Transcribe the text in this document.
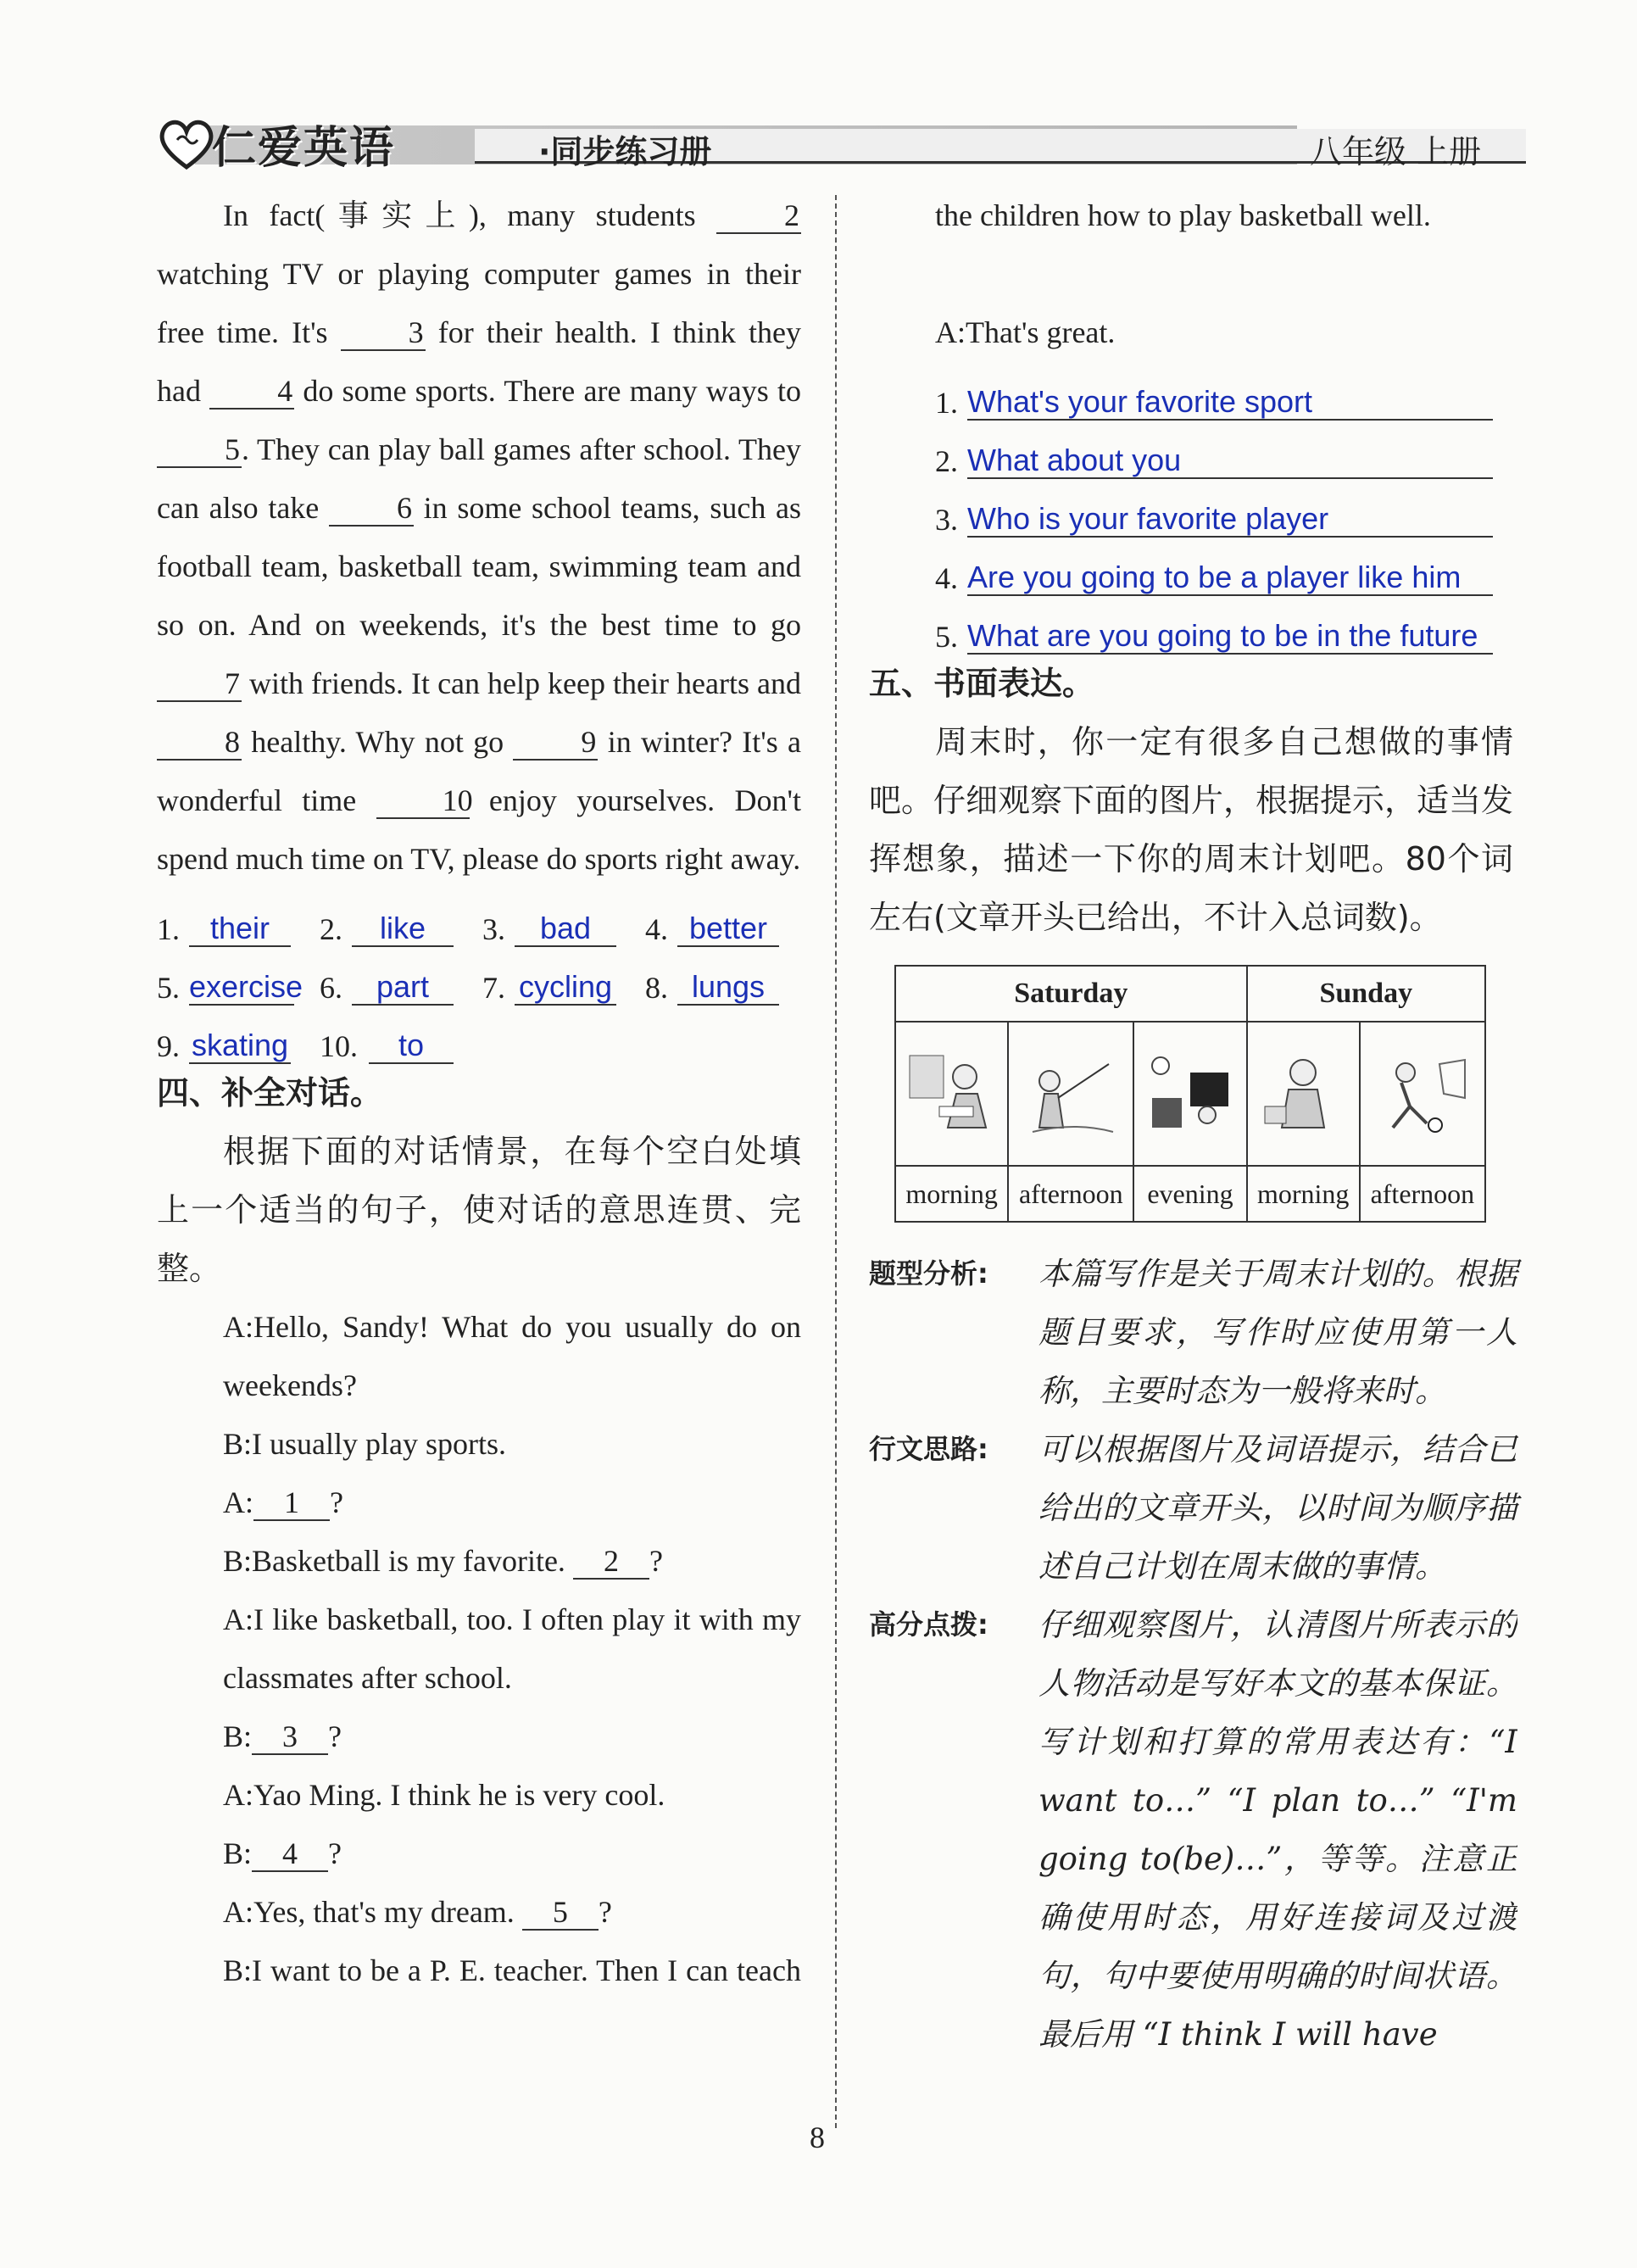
仁爱英语	·同步练习册	八年级 上册

In fact(事实上), many students 2 watching TV or playing computer games in their free time. It's 3 for their health. I think they had 4 do some sports. There are many ways to 5. They can play ball games after school. They can also take 6 in some school teams, such as football team, basketball team, swimming team and so on. And on weekends, it's the best time to go 7 with friends. It can help keep their hearts and 8 healthy. Why not go 9 in winter? It's a wonderful time 10 enjoy yourselves. Don't spend much time on TV, please do sports right away.

1. their	2.	like	3.	bad	4. better
5. exercise 6.	part	7. cycling 8. lungs
9. skating 10.	to
四、补全对话。

根据下面的对话情景，在每个空白处填上一个适当的句子，使对话的意思连贯、完整。

A:Hello, Sandy! What do you usually do on weekends?

B:I usually play sports.

A: 1 ?

B:Basketball is my favorite. 2 ?

A:I like basketball, too. I often play it with my classmates after school.

B: 3 ?

A:Yao Ming. I think he is very cool.

B: 4 ?

A:Yes, that's my dream. 5 ?

B:I want to be a P. E. teacher. Then I can teach

the children how to play basketball well.

A:That's great.

1. What's your favorite sport
2. What about you
3. Who is your favorite player
4. Are you going to be a player like him
5. What are you going to be in the future
五、书面表达。

周末时，你一定有很多自己想做的事情吧。仔细观察下面的图片，根据提示，适当发挥想象，描述一下你的周末计划吧。80个词左右(文章开头已给出，不计入总词数)。

Saturday			Sunday	

morning	afternoon	evening	morning	afternoon
题型分析:	本篇写作是关于周末计划的。根据题目要求，写作时应使用第一人称，主要时态为一般将来时。
行文思路:	可以根据图片及词语提示，结合已给出的文章开头，以时间为顺序描述自己计划在周末做的事情。
高分点拨:	仔细观察图片，认清图片所表示的人物活动是写好本文的基本保证。写计划和打算的常用表达有：“I want to…” “I plan to…” “I'm going to(be)…”，等等。注意正确使用时态，用好连接词及过渡句，句中要使用明确的时间状语。最后用 “I think I will have
8
